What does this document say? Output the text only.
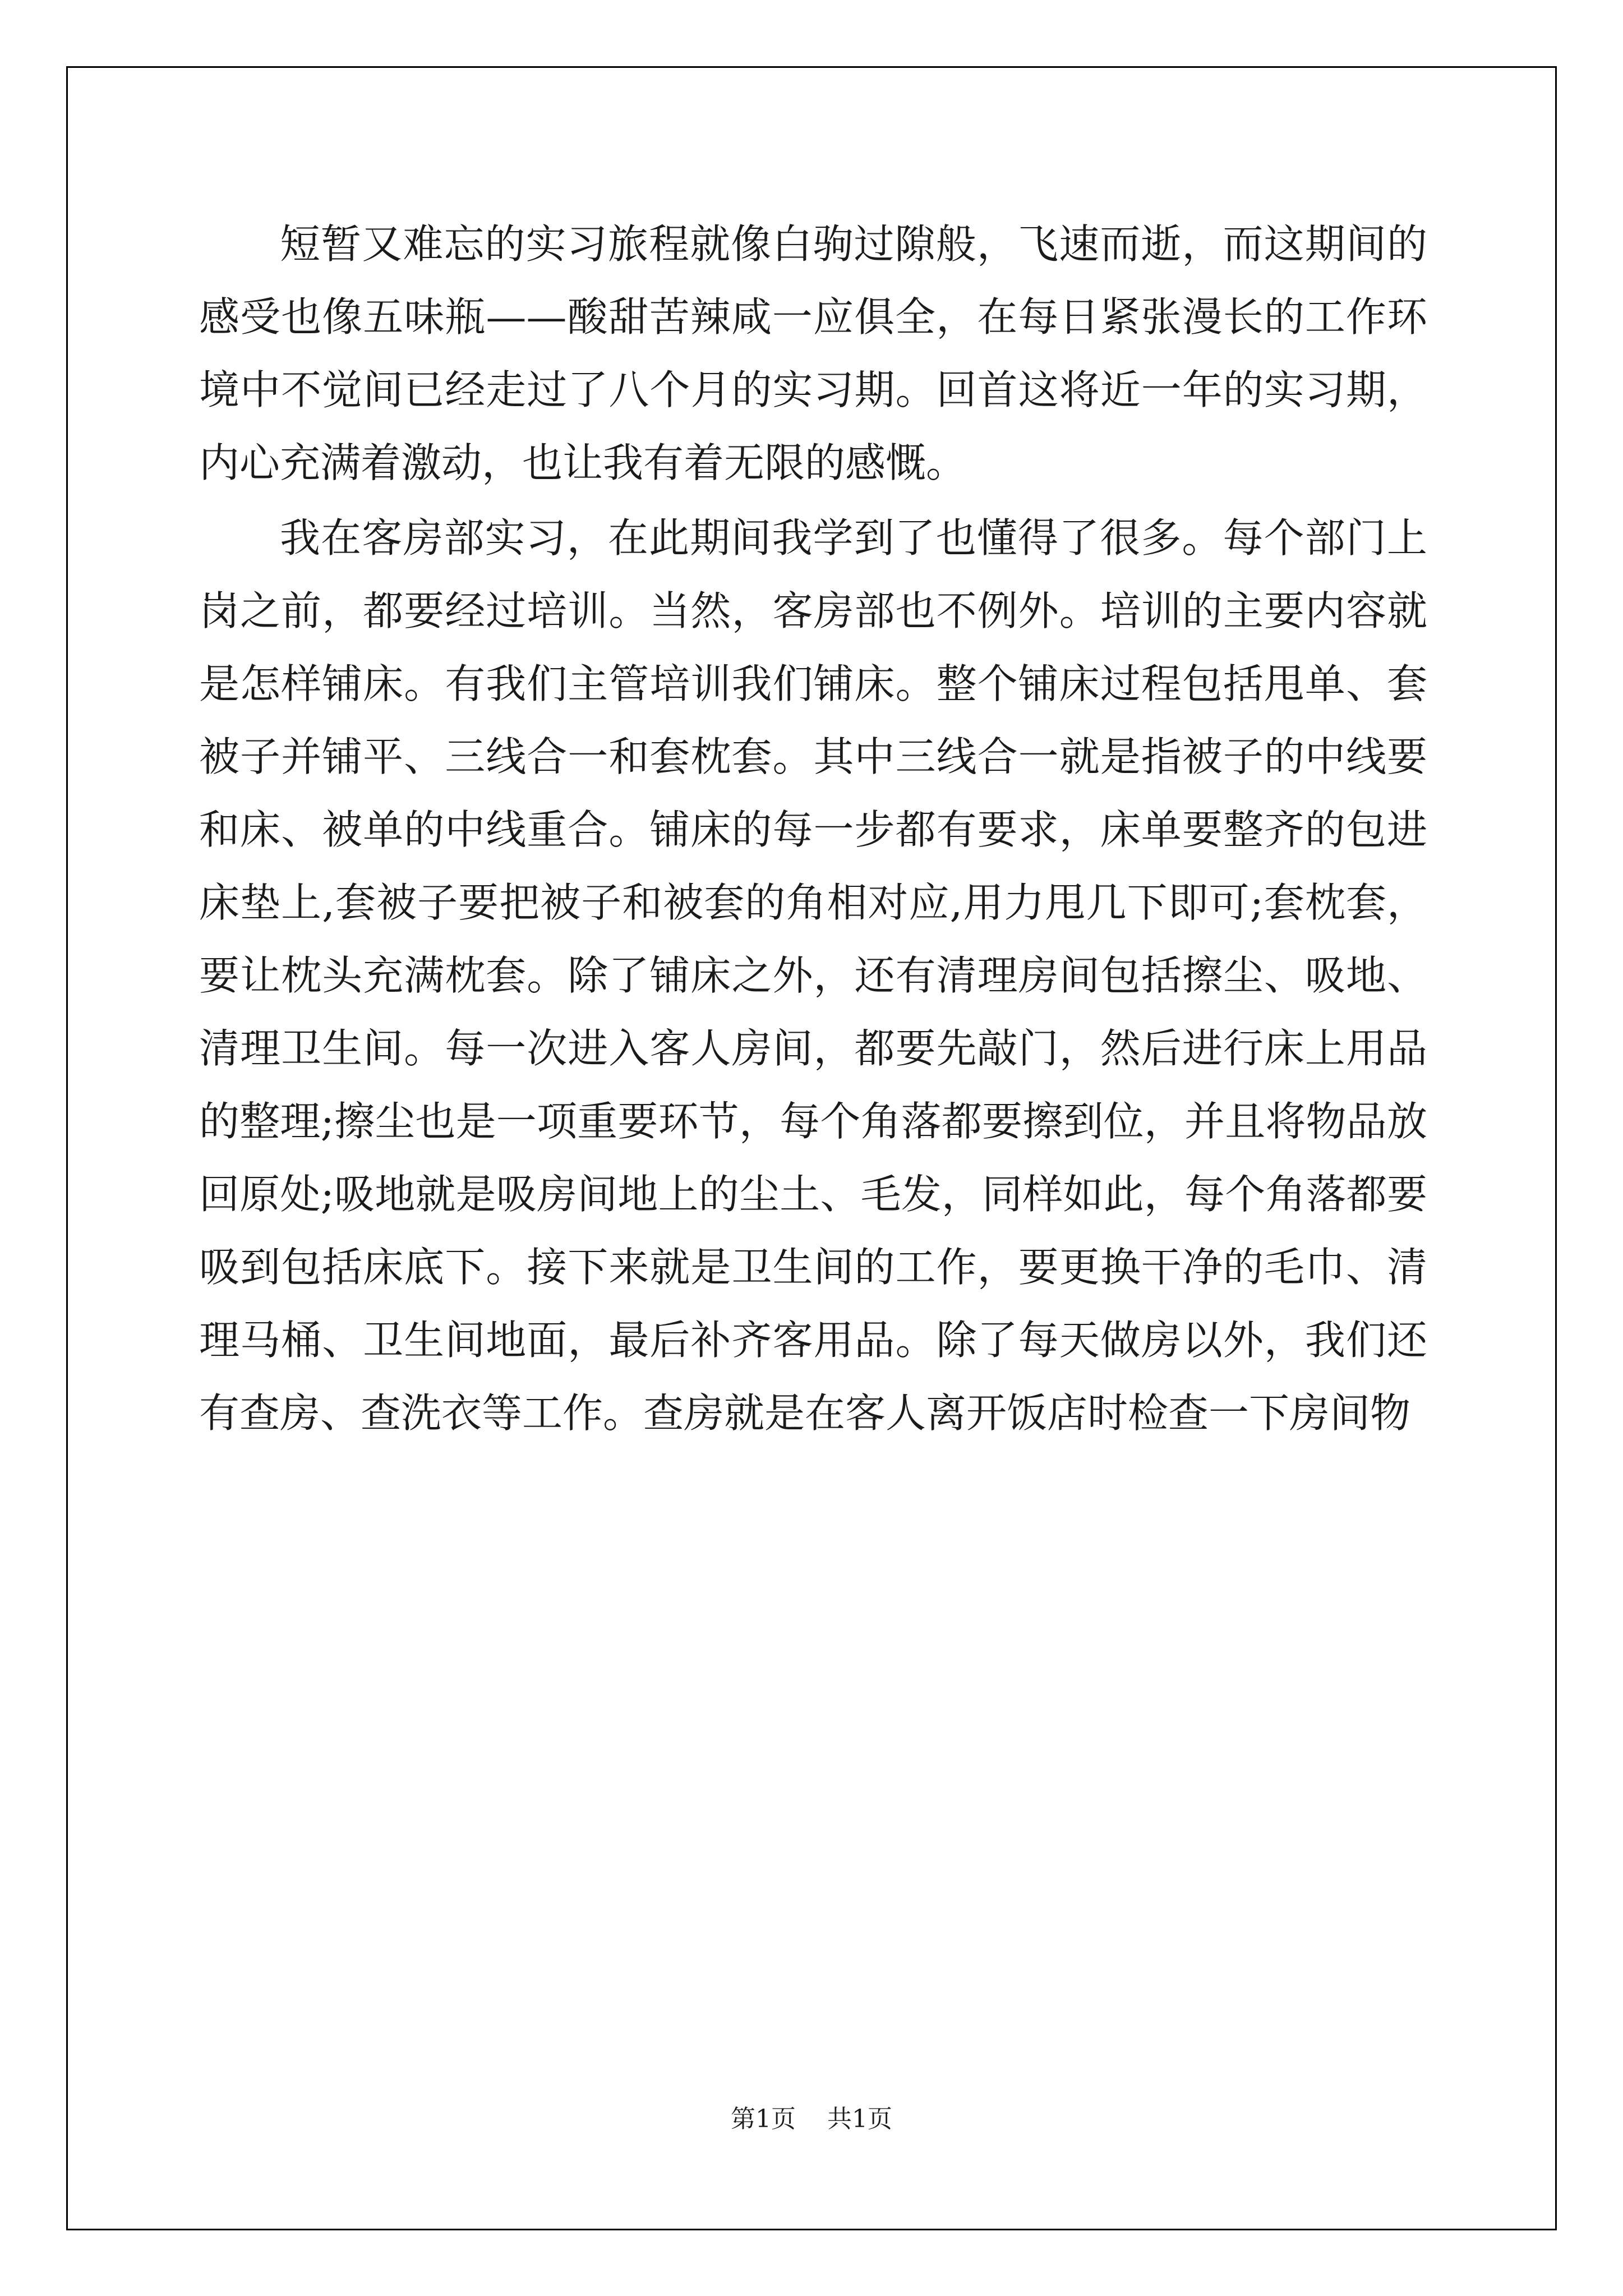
短暂又难忘的实习旅程就像白驹过隙般，飞速而逝，而这期间的感受也像五味瓶——酸甜苦辣咸一应俱全，在每日紧张漫长的工作环境中不觉间已经走过了八个月的实习期。回首这将近一年的实习期，内心充满着激动，也让我有着无限的感慨。

我在客房部实习，在此期间我学到了也懂得了很多。每个部门上岗之前，都要经过培训。当然，客房部也不例外。培训的主要内容就是怎样铺床。有我们主管培训我们铺床。整个铺床过程包括甩单、套被子并铺平、三线合一和套枕套。其中三线合一就是指被子的中线要和床、被单的中线重合。铺床的每一步都有要求，床单要整齐的包进床垫上,套被子要把被子和被套的角相对应,用力甩几下即可;套枕套，要让枕头充满枕套。除了铺床之外，还有清理房间包括擦尘、吸地、清理卫生间。每一次进入客人房间，都要先敲门，然后进行床上用品的整理;擦尘也是一项重要环节，每个角落都要擦到位，并且将物品放回原处;吸地就是吸房间地上的尘土、毛发，同样如此，每个角落都要吸到包括床底下。接下来就是卫生间的工作，要更换干净的毛巾、清理马桶、卫生间地面，最后补齐客用品。除了每天做房以外，我们还有查房、查洗衣等工作。查房就是在客人离开饭店时检查一下房间物

第1页 共1页
